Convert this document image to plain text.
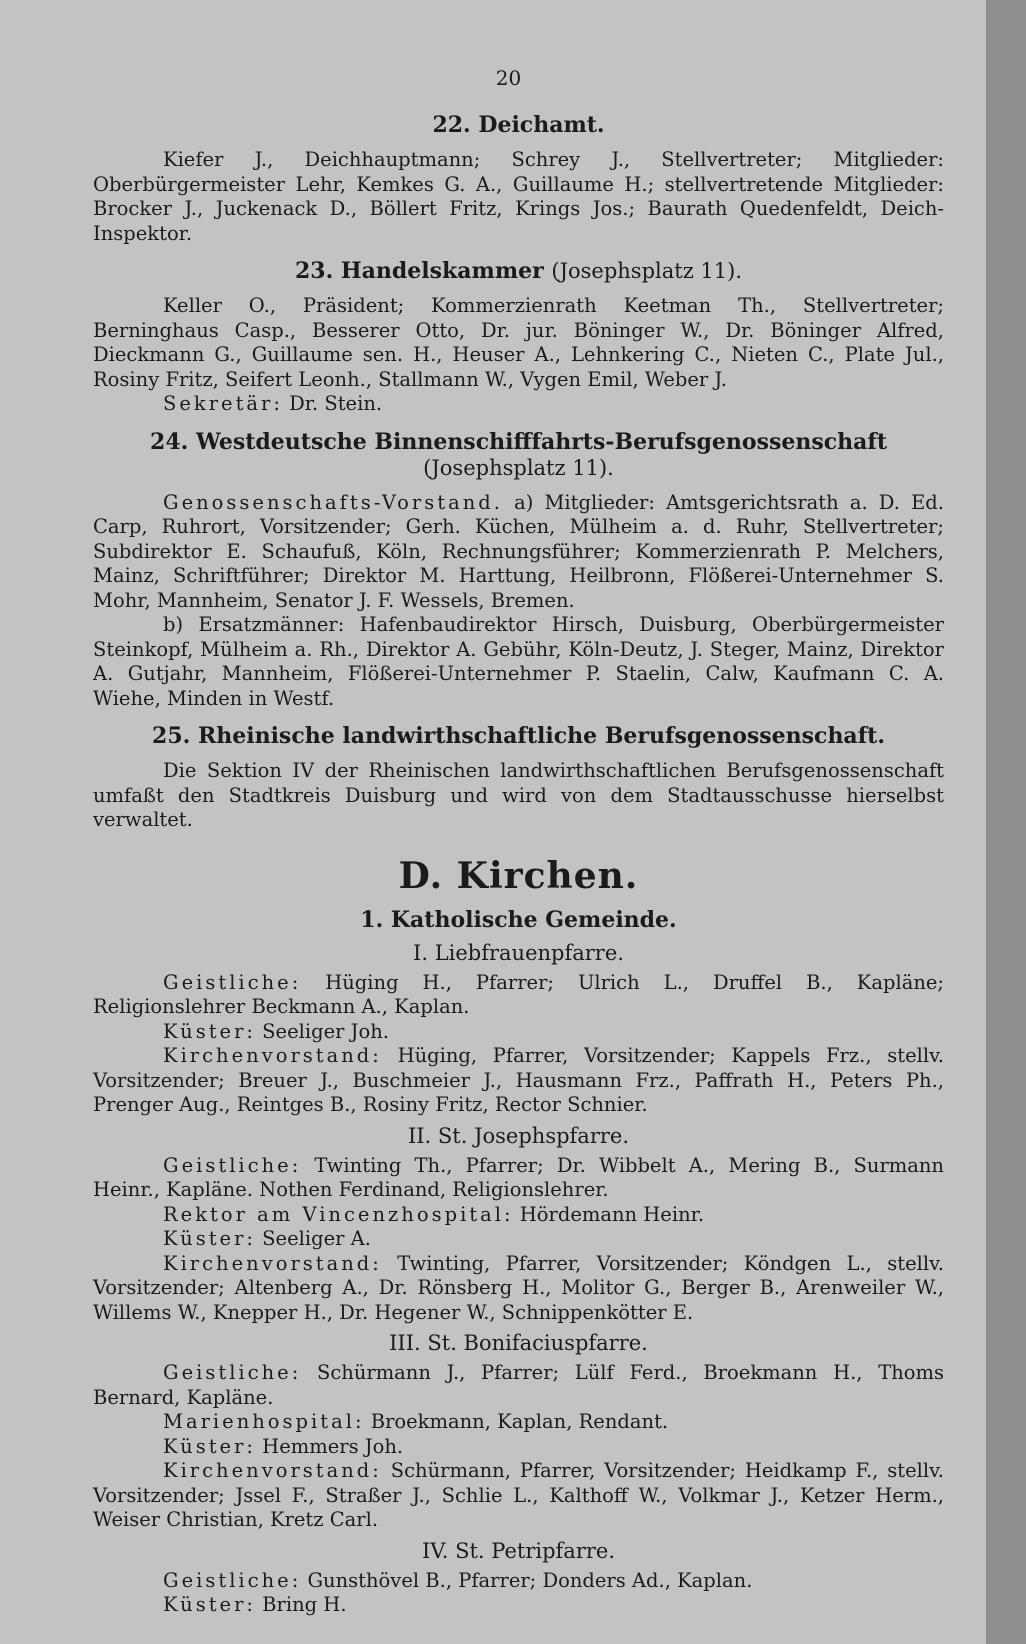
20
22. Deichamt.

Kiefer J., Deichhauptmann; Schrey J., Stellvertreter; Mitglieder: Oberbürgermeister Lehr, Kemkes G. A., Guillaume H.; stellvertretende Mitglieder: Brocker J., Juckenack D., Böllert Fritz, Krings Jos.; Baurath Quedenfeldt, Deich-Inspektor.

23. Handelskammer (Josephsplatz 11).

Keller O., Präsident; Kommerzienrath Keetman Th., Stellvertreter; Berninghaus Casp., Besserer Otto, Dr. jur. Böninger W., Dr. Böninger Alfred, Dieckmann G., Guillaume sen. H., Heuser A., Lehnkering C., Nieten C., Plate Jul., Rosiny Fritz, Seifert Leonh., Stallmann W., Vygen Emil, Weber J.

Sekretär: Dr. Stein.

24. Westdeutsche Binnenschifffahrts-Berufsgenossenschaft (Josephsplatz 11).

Genossenschafts-Vorstand. a) Mitglieder: Amtsgerichtsrath a. D. Ed. Carp, Ruhrort, Vorsitzender; Gerh. Küchen, Mülheim a. d. Ruhr, Stellvertreter; Subdirektor E. Schaufuß, Köln, Rechnungsführer; Kommerzienrath P. Melchers, Mainz, Schriftführer; Direktor M. Harttung, Heilbronn, Flößerei-Unternehmer S. Mohr, Mannheim, Senator J. F. Wessels, Bremen.

b) Ersatzmänner: Hafenbaudirektor Hirsch, Duisburg, Oberbürgermeister Steinkopf, Mülheim a. Rh., Direktor A. Gebühr, Köln-Deutz, J. Steger, Mainz, Direktor A. Gutjahr, Mannheim, Flößerei-Unternehmer P. Staelin, Calw, Kaufmann C. A. Wiehe, Minden in Westf.

25. Rheinische landwirthschaftliche Berufsgenossenschaft.

Die Sektion IV der Rheinischen landwirthschaftlichen Berufsgenossenschaft umfaßt den Stadtkreis Duisburg und wird von dem Stadtausschusse hierselbst verwaltet.

D. Kirchen.
1. Katholische Gemeinde.
I. Liebfrauenpfarre.

Geistliche: Hüging H., Pfarrer; Ulrich L., Druffel B., Kapläne; Religionslehrer Beckmann A., Kaplan.

Küster: Seeliger Joh.

Kirchenvorstand: Hüging, Pfarrer, Vorsitzender; Kappels Frz., stellv. Vorsitzender; Breuer J., Buschmeier J., Hausmann Frz., Paffrath H., Peters Ph., Prenger Aug., Reintges B., Rosiny Fritz, Rector Schnier.

II. St. Josephspfarre.

Geistliche: Twinting Th., Pfarrer; Dr. Wibbelt A., Mering B., Surmann Heinr., Kapläne. Nothen Ferdinand, Religionslehrer.

Rektor am Vincenzhospital: Hördemann Heinr.

Küster: Seeliger A.

Kirchenvorstand: Twinting, Pfarrer, Vorsitzender; Köndgen L., stellv. Vorsitzender; Altenberg A., Dr. Rönsberg H., Molitor G., Berger B., Arenweiler W., Willems W., Knepper H., Dr. Hegener W., Schnippenkötter E.

III. St. Bonifaciuspfarre.

Geistliche: Schürmann J., Pfarrer; Lülf Ferd., Broekmann H., Thoms Bernard, Kapläne.

Marienhospital: Broekmann, Kaplan, Rendant.

Küster: Hemmers Joh.

Kirchenvorstand: Schürmann, Pfarrer, Vorsitzender; Heidkamp F., stellv. Vorsitzender; Jssel F., Straßer J., Schlie L., Kalthoff W., Volkmar J., Ketzer Herm., Weiser Christian, Kretz Carl.

IV. St. Petripfarre.

Geistliche: Gunsthövel B., Pfarrer; Donders Ad., Kaplan.

Küster: Bring H.
